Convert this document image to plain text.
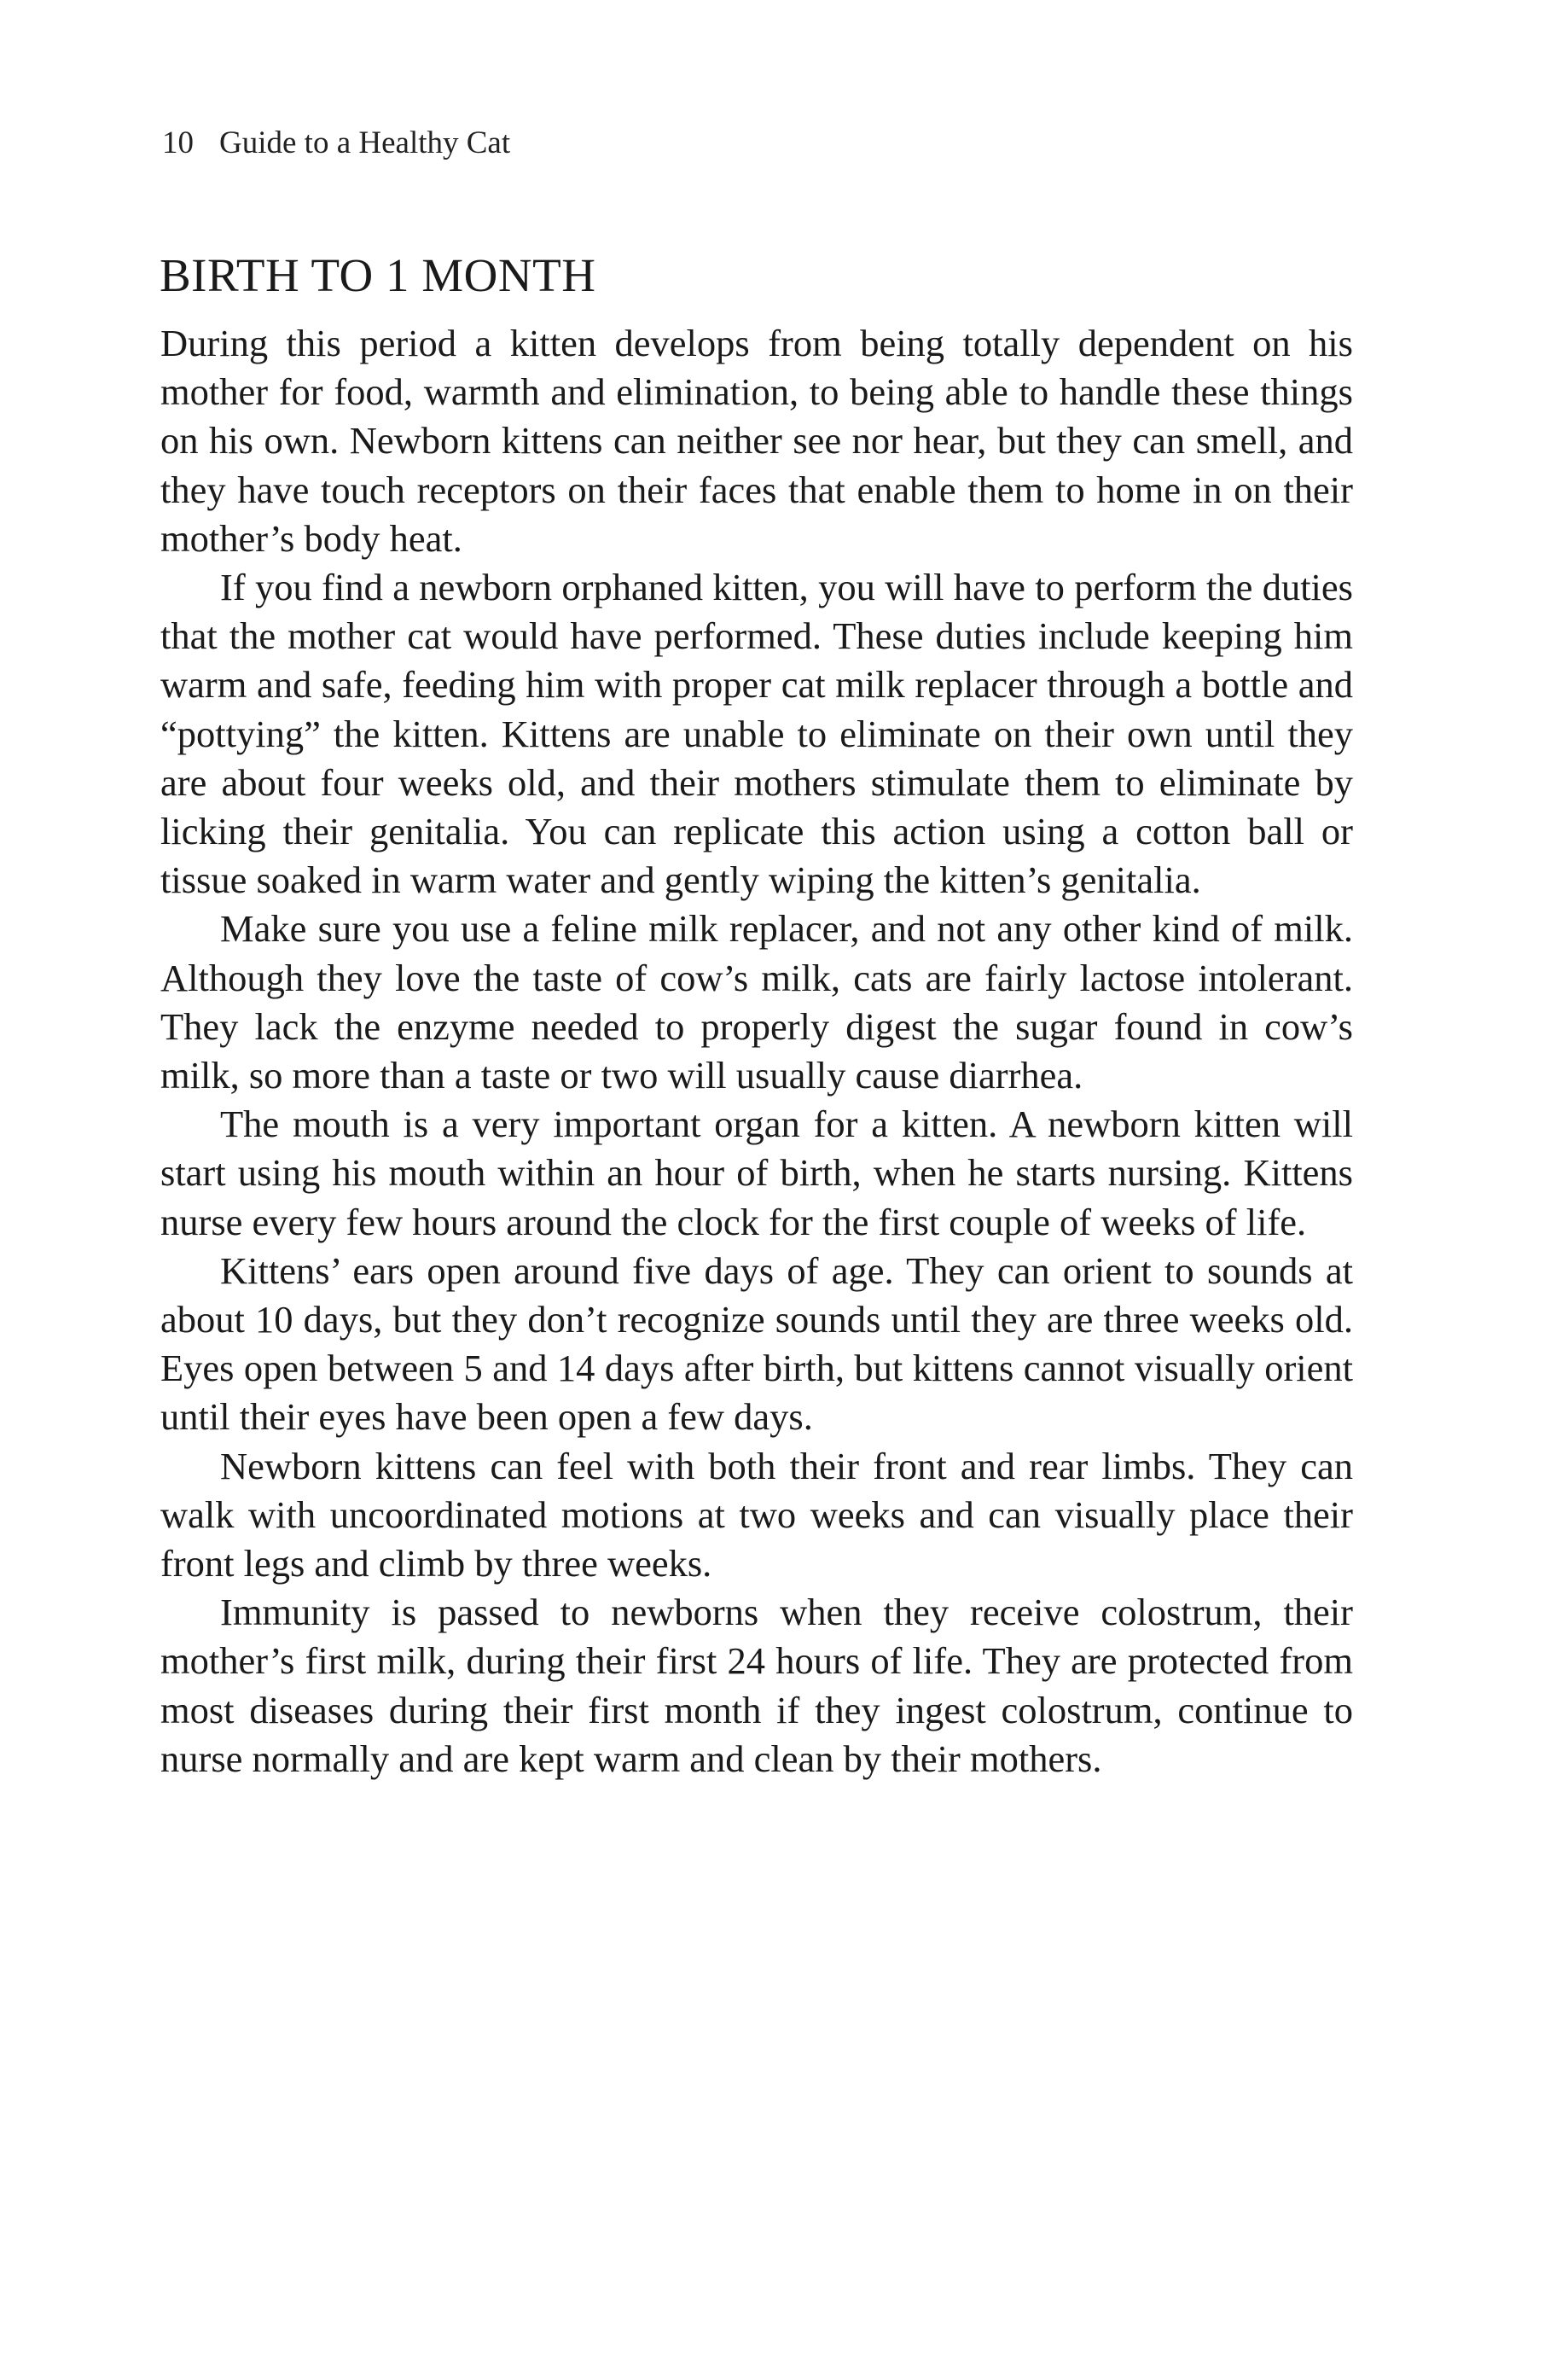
10 Guide to a Healthy Cat
BIRTH TO 1 MONTH

During this period a kitten develops from being totally dependent on his mother for food, warmth and elimination, to being able to handle these things on his own. Newborn kittens can neither see nor hear, but they can smell, and they have touch receptors on their faces that enable them to home in on their mother’s body heat.

If you find a newborn orphaned kitten, you will have to perform the duties that the mother cat would have performed. These duties include keeping him warm and safe, feeding him with proper cat milk replacer through a bottle and “pottying” the kitten. Kittens are unable to eliminate on their own until they are about four weeks old, and their mothers stimulate them to eliminate by licking their genitalia. You can replicate this action using a cotton ball or tissue soaked in warm water and gently wiping the kitten’s genitalia.

Make sure you use a feline milk replacer, and not any other kind of milk. Although they love the taste of cow’s milk, cats are fairly lactose intolerant. They lack the enzyme needed to properly digest the sugar found in cow’s milk, so more than a taste or two will usually cause diarrhea.

The mouth is a very important organ for a kitten. A newborn kitten will start using his mouth within an hour of birth, when he starts nursing. Kittens nurse every few hours around the clock for the first couple of weeks of life.

Kittens’ ears open around five days of age. They can orient to sounds at about 10 days, but they don’t recognize sounds until they are three weeks old. Eyes open between 5 and 14 days after birth, but kittens cannot visually orient until their eyes have been open a few days.

Newborn kittens can feel with both their front and rear limbs. They can walk with uncoordinated motions at two weeks and can visually place their front legs and climb by three weeks.

Immunity is passed to newborns when they receive colostrum, their mother’s first milk, during their first 24 hours of life. They are protected from most diseases during their first month if they ingest colostrum, continue to nurse normally and are kept warm and clean by their mothers.
